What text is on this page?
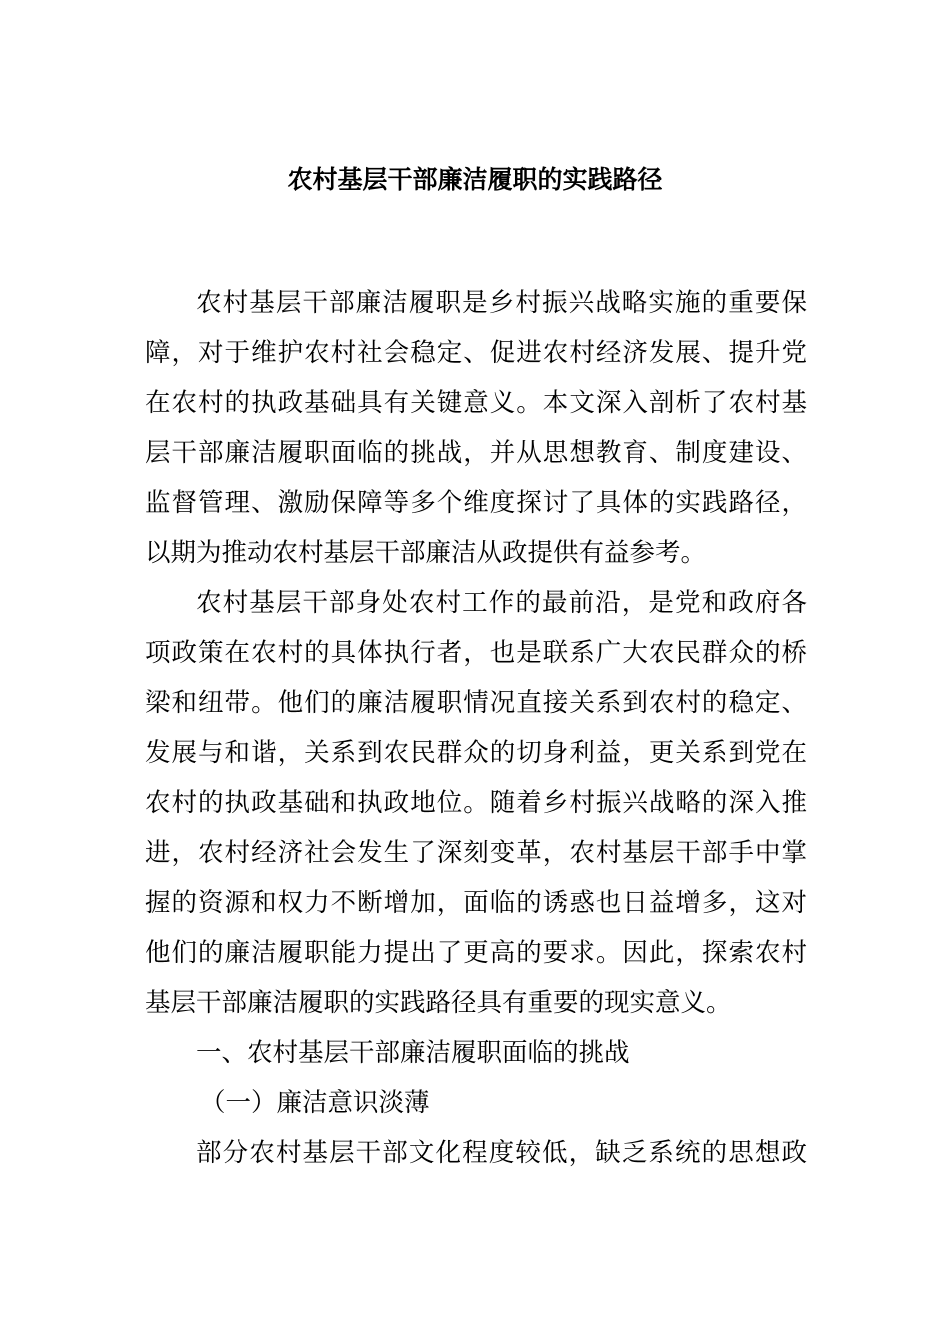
农村基层干部廉洁履职的实践路径
农村基层干部廉洁履职是乡村振兴战略实施的重要保
障，对于维护农村社会稳定、促进农村经济发展、提升党
在农村的执政基础具有关键意义。本文深入剖析了农村基
层干部廉洁履职面临的挑战，并从思想教育、制度建设、
监督管理、激励保障等多个维度探讨了具体的实践路径，
以期为推动农村基层干部廉洁从政提供有益参考。
农村基层干部身处农村工作的最前沿，是党和政府各
项政策在农村的具体执行者，也是联系广大农民群众的桥
梁和纽带。他们的廉洁履职情况直接关系到农村的稳定、
发展与和谐，关系到农民群众的切身利益，更关系到党在
农村的执政基础和执政地位。随着乡村振兴战略的深入推
进，农村经济社会发生了深刻变革，农村基层干部手中掌
握的资源和权力不断增加，面临的诱惑也日益增多，这对
他们的廉洁履职能力提出了更高的要求。因此，探索农村
基层干部廉洁履职的实践路径具有重要的现实意义。
一、农村基层干部廉洁履职面临的挑战
（一）廉洁意识淡薄
部分农村基层干部文化程度较低，缺乏系统的思想政
